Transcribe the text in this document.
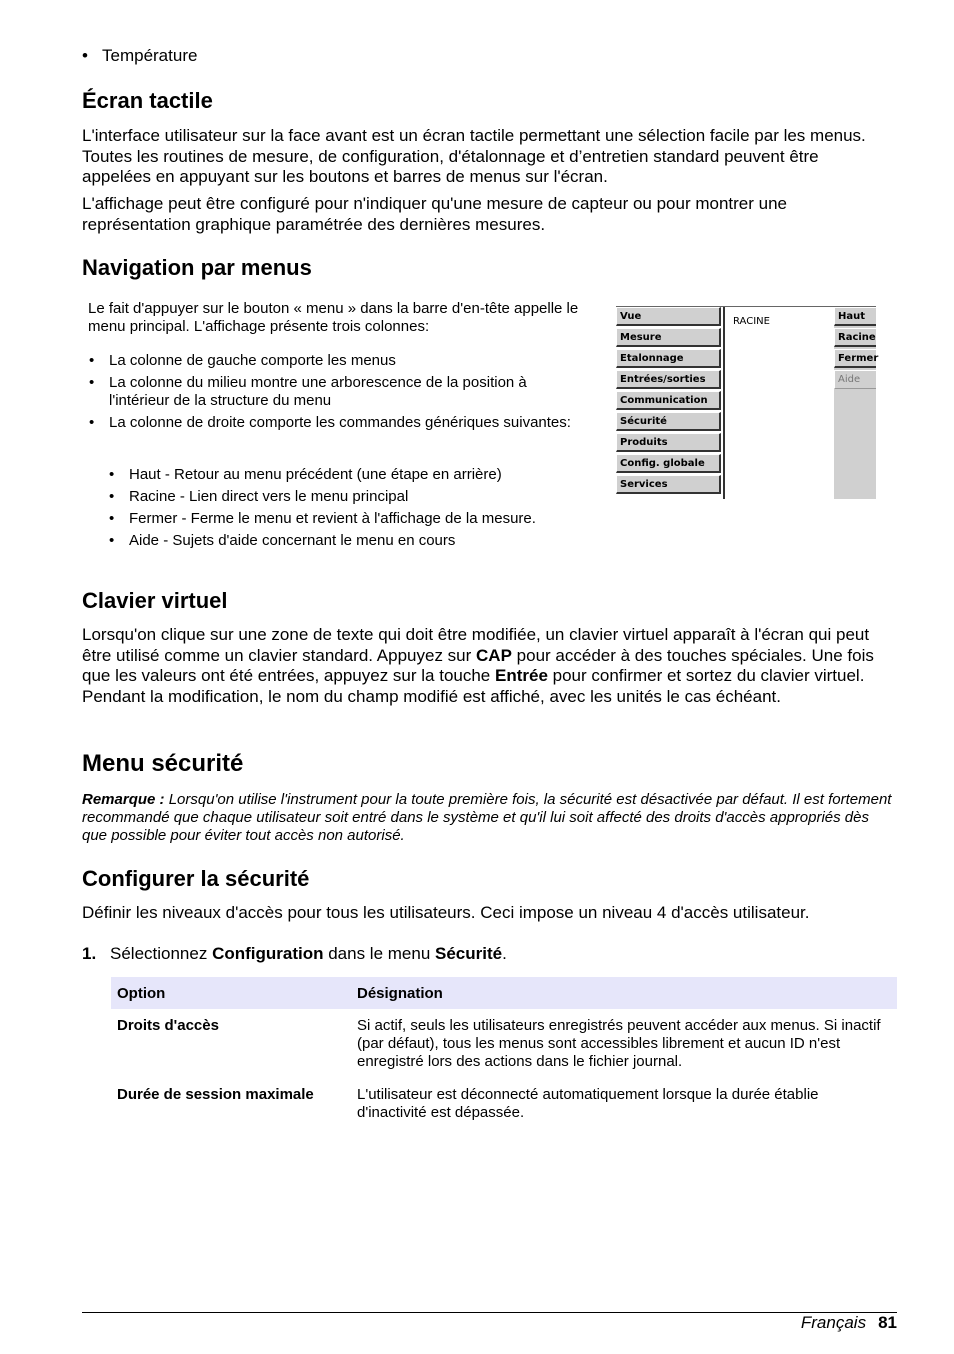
• Température
Écran tactile

L'interface utilisateur sur la face avant est un écran tactile permettant une sélection facile par les menus. Toutes les routines de mesure, de configuration, d'étalonnage et d’entretien standard peuvent être appelées en appuyant sur les boutons et barres de menus sur l'écran.

L'affichage peut être configuré pour n'indiquer qu'une mesure de capteur ou pour montrer une représentation graphique paramétrée des dernières mesures.

Navigation par menus

Le fait d'appuyer sur le bouton « menu » dans la barre d'en-tête appelle le menu principal. L'affichage présente trois colonnes:

• La colonne de gauche comporte les menus
• La colonne du milieu montre une arborescence de la position à l'intérieur de la structure du menu
• La colonne de droite comporte les commandes génériques suivantes:
• Haut - Retour au menu précédent (une étape en arrière)
• Racine - Lien direct vers le menu principal
• Fermer - Ferme le menu et revient à l'affichage de la mesure.
• Aide - Sujets d'aide concernant le menu en cours
Vue
Mesure
Etalonnage
Entrées/sorties
Communication
Sécurité
Produits
Config. globale
Services
RACINE	Haut
Racine
Fermer
Aide
Clavier virtuel

Lorsqu'on clique sur une zone de texte qui doit être modifiée, un clavier virtuel apparaît à l'écran qui peut être utilisé comme un clavier standard. Appuyez sur CAP pour accéder à des touches spéciales. Une fois que les valeurs ont été entrées, appuyez sur la touche Entrée pour confirmer et sortez du clavier virtuel. Pendant la modification, le nom du champ modifié est affiché, avec les unités le cas échéant.

Menu sécurité

Remarque : Lorsqu'on utilise l'instrument pour la toute première fois, la sécurité est désactivée par défaut. Il est fortement recommandé que chaque utilisateur soit entré dans le système et qu'il lui soit affecté des droits d'accès appropriés dès que possible pour éviter tout accès non autorisé.

Configurer la sécurité

Définir les niveaux d'accès pour tous les utilisateurs. Ceci impose un niveau 4 d'accès utilisateur.

1. Sélectionnez Configuration dans le menu Sécurité.

Option	Désignation
Droits d'accès	Si actif, seuls les utilisateurs enregistrés peuvent accéder aux menus. Si inactif (par défaut), tous les menus sont accessibles librement et aucun ID n'est enregistré lors des actions dans le fichier journal.
Durée de session maximale	L'utilisateur est déconnecté automatiquement lorsque la durée établie d'inactivité est dépassée.
Français 81
